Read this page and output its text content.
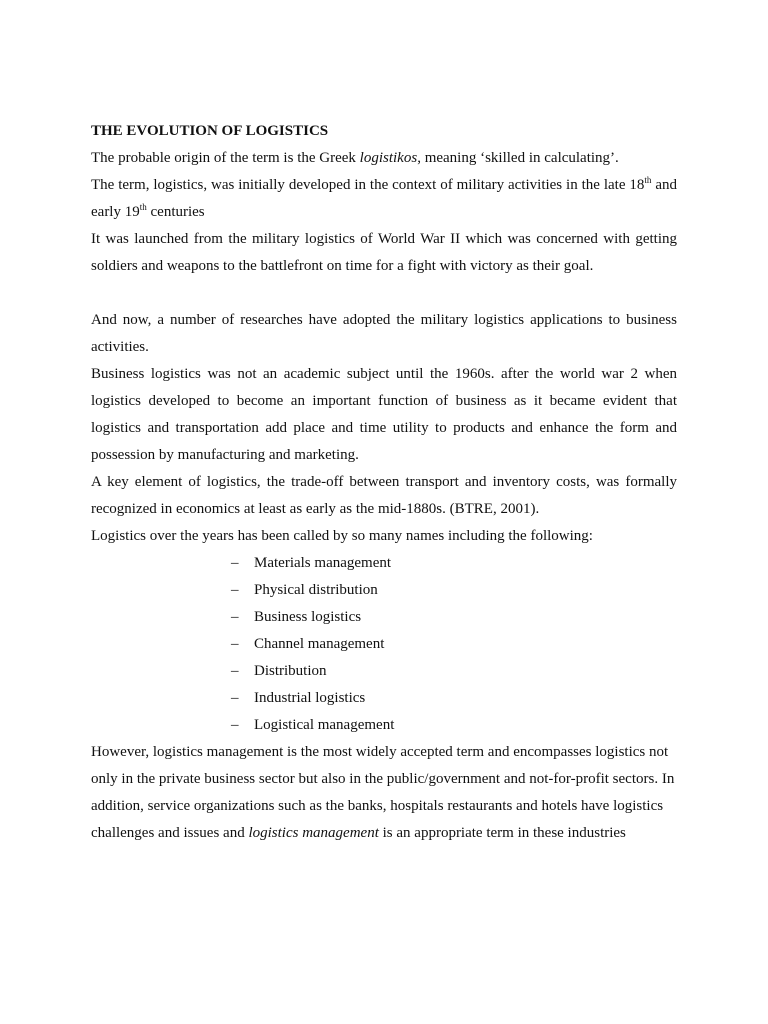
THE EVOLUTION OF LOGISTICS

The probable origin of the term is the Greek logistikos, meaning ‘skilled in calculating’.

The term, logistics, was initially developed in the context of military activities in the late 18th and early 19th centuries

It was launched from the military logistics of World War II which was concerned with getting soldiers and weapons to the battlefront on time for a fight with victory as their goal.

And now, a number of researches have adopted the military logistics applications to business activities.

Business logistics was not an academic subject until the 1960s. after the world war 2 when logistics developed to become an important function of business as it became evident that logistics and transportation add place and time utility to products and enhance the form and possession by manufacturing and marketing.

A key element of logistics, the trade-off between transport and inventory costs, was formally recognized in economics at least as early as the mid-1880s. (BTRE, 2001).

Logistics over the years has been called by so many names including the following:

– Materials management
– Physical distribution
– Business logistics
– Channel management
– Distribution
– Industrial logistics
– Logistical management

However, logistics management is the most widely accepted term and encompasses logistics not only in the private business sector but also in the public/government and not-for-profit sectors. In addition, service organizations such as the banks, hospitals restaurants and hotels have logistics challenges and issues and logistics management is an appropriate term in these industries
